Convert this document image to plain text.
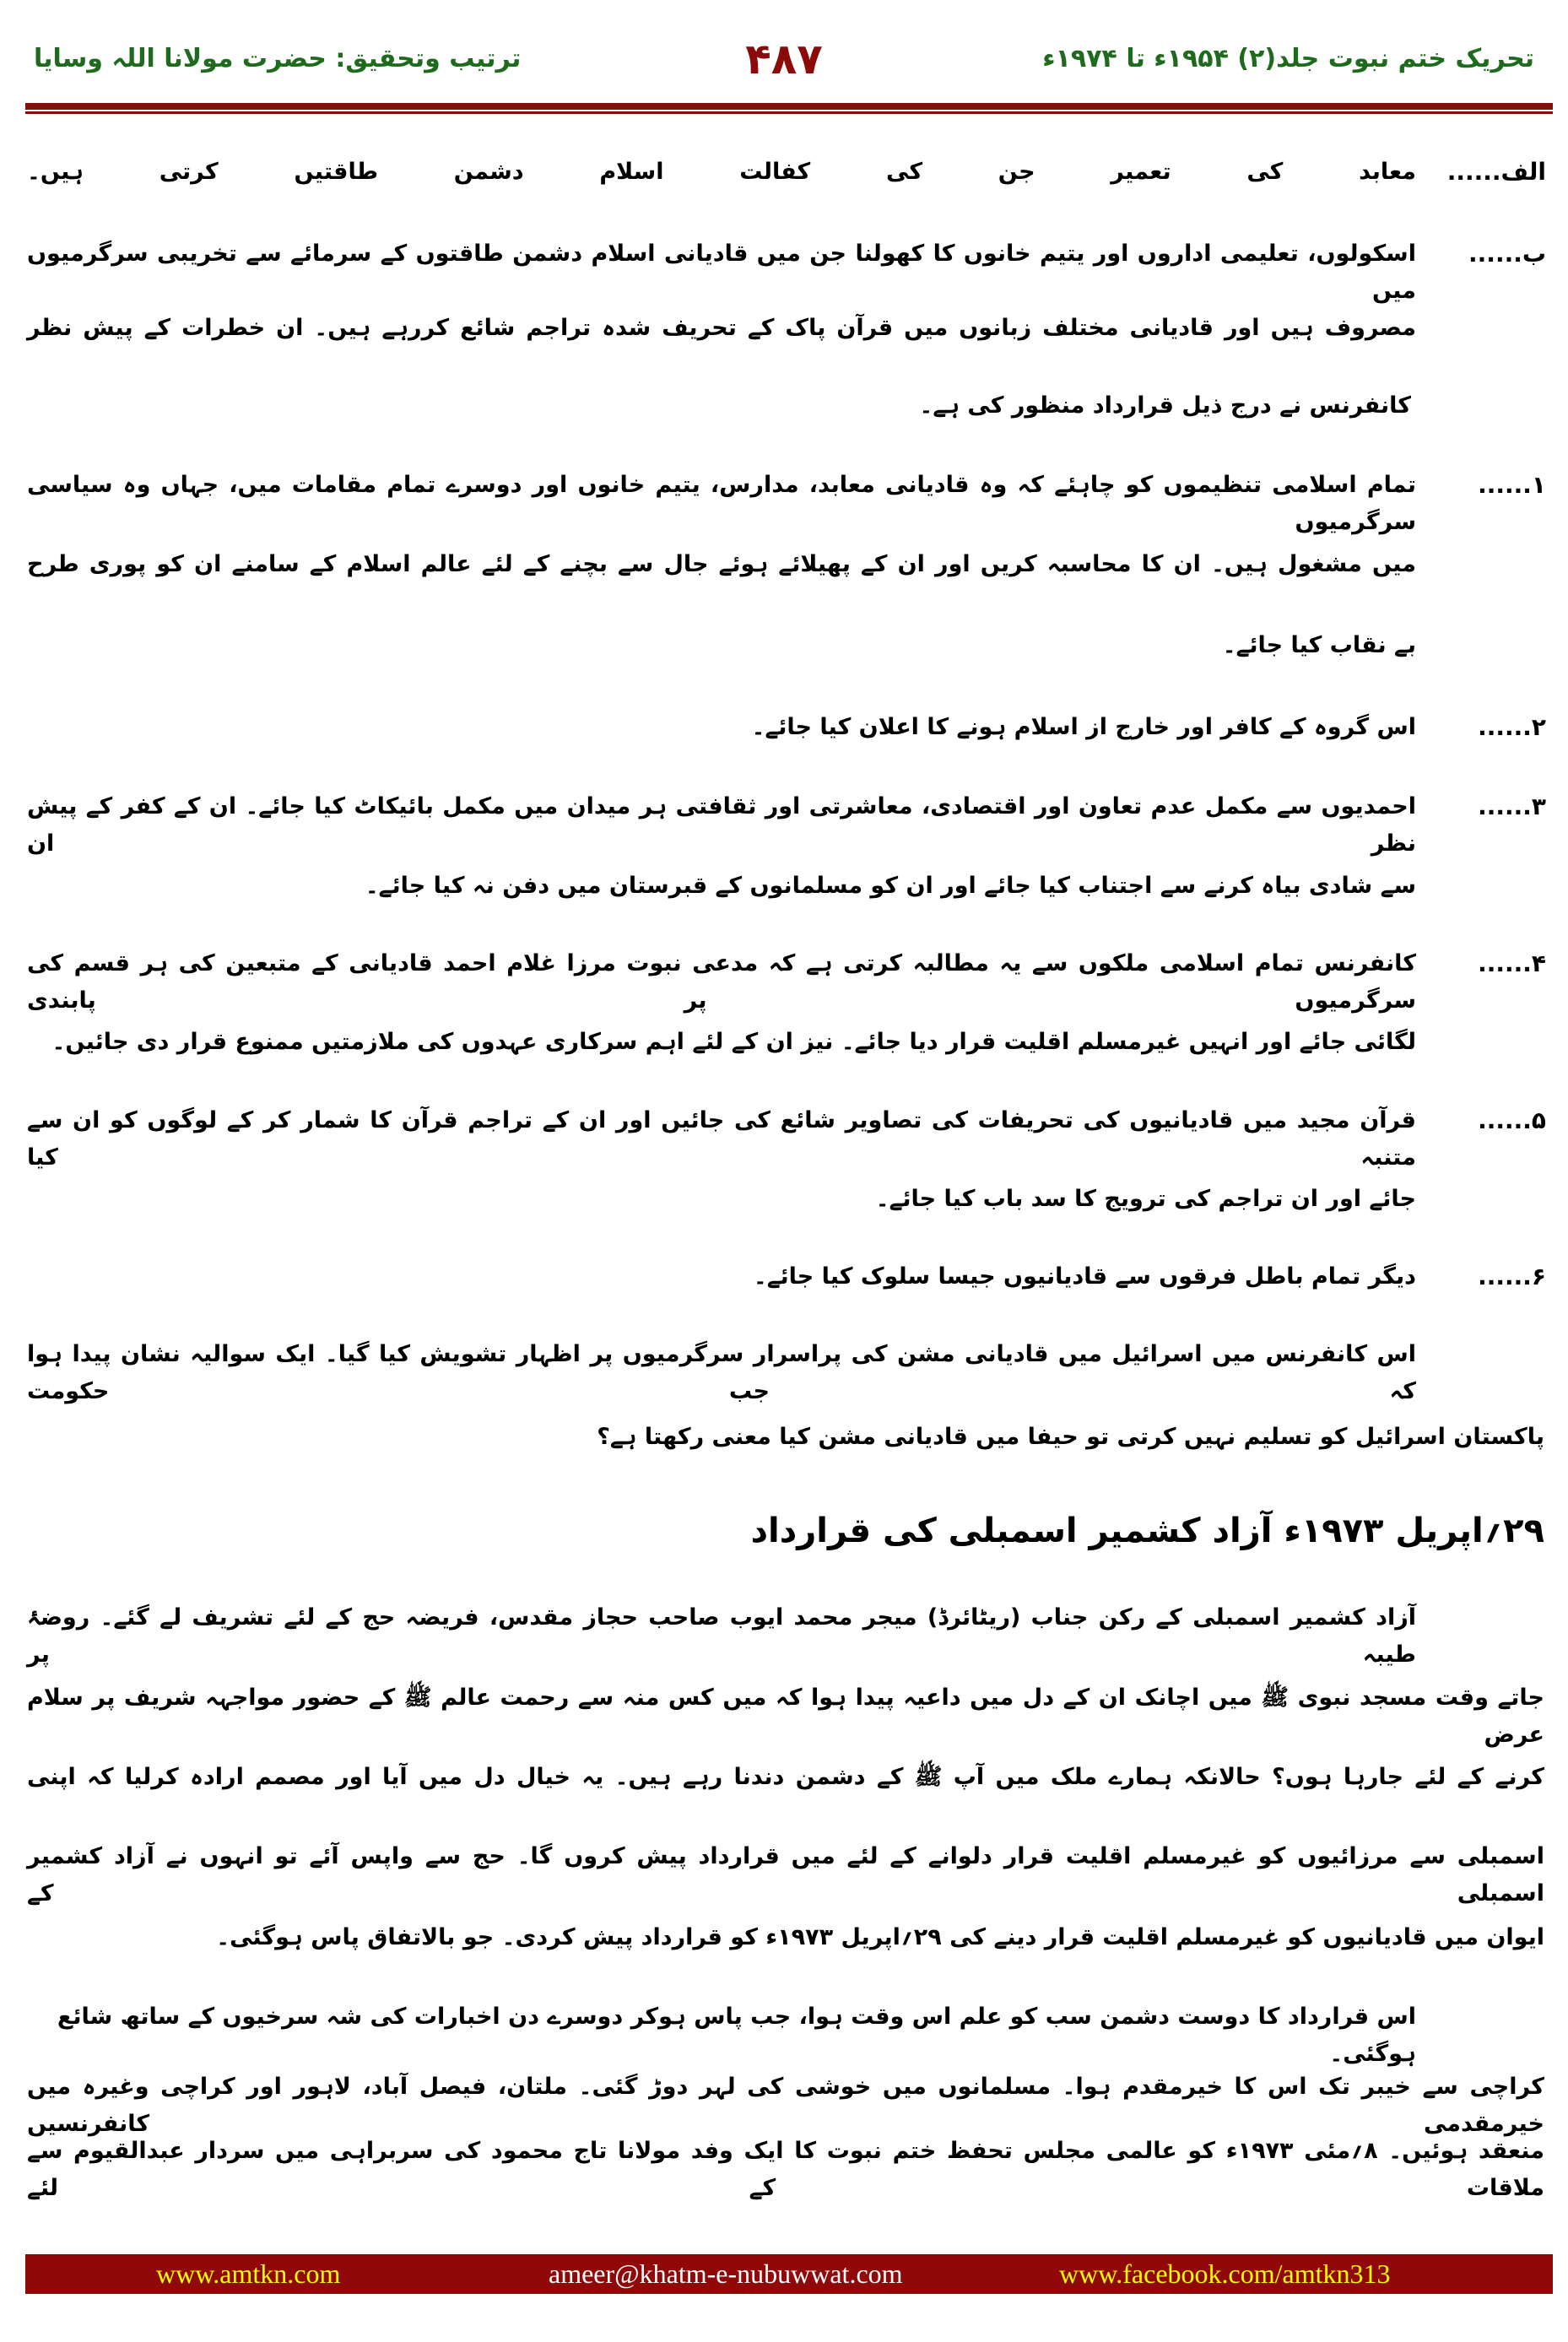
تحریک ختم نبوت جلد(۲) ۱۹۵۴ء تا ۱۹۷۴ء
۴۸۷
ترتیب وتحقیق: حضرت مولانا اللہ وسایا
الف......
معابد کی تعمیر جن کی کفالت اسلام دشمن طاقتیں کرتی ہیں۔
ب......
اسکولوں، تعلیمی اداروں اور یتیم خانوں کا کھولنا جن میں قادیانی اسلام دشمن طاقتوں کے سرمائے سے تخریبی سرگرمیوں میں
مصروف ہیں اور قادیانی مختلف زبانوں میں قرآن پاک کے تحریف شدہ تراجم شائع کررہے ہیں۔ ان خطرات کے پیش نظر
کانفرنس نے درج ذیل قرارداد منظور کی ہے۔
۱......
تمام اسلامی تنظیموں کو چاہئے کہ وہ قادیانی معابد، مدارس، یتیم خانوں اور دوسرے تمام مقامات میں، جہاں وہ سیاسی سرگرمیوں
میں مشغول ہیں۔ ان کا محاسبہ کریں اور ان کے پھیلائے ہوئے جال سے بچنے کے لئے عالم اسلام کے سامنے ان کو پوری طرح
بے نقاب کیا جائے۔
۲......
اس گروہ کے کافر اور خارج از اسلام ہونے کا اعلان کیا جائے۔
۳......
احمدیوں سے مکمل عدم تعاون اور اقتصادی، معاشرتی اور ثقافتی ہر میدان میں مکمل بائیکاٹ کیا جائے۔ ان کے کفر کے پیش نظر ان
سے شادی بیاہ کرنے سے اجتناب کیا جائے اور ان کو مسلمانوں کے قبرستان میں دفن نہ کیا جائے۔
۴......
کانفرنس تمام اسلامی ملکوں سے یہ مطالبہ کرتی ہے کہ مدعی نبوت مرزا غلام احمد قادیانی کے متبعین کی ہر قسم کی سرگرمیوں پر پابندی
لگائی جائے اور انہیں غیرمسلم اقلیت قرار دیا جائے۔ نیز ان کے لئے اہم سرکاری عہدوں کی ملازمتیں ممنوع قرار دی جائیں۔
۵......
قرآن مجید میں قادیانیوں کی تحریفات کی تصاویر شائع کی جائیں اور ان کے تراجم قرآن کا شمار کر کے لوگوں کو ان سے متنبہ کیا
جائے اور ان تراجم کی ترویج کا سد باب کیا جائے۔
۶......
دیگر تمام باطل فرقوں سے قادیانیوں جیسا سلوک کیا جائے۔
اس کانفرنس میں اسرائیل میں قادیانی مشن کی پراسرار سرگرمیوں پر اظہار تشویش کیا گیا۔ ایک سوالیہ نشان پیدا ہوا کہ جب حکومت
پاکستان اسرائیل کو تسلیم نہیں کرتی تو حیفا میں قادیانی مشن کیا معنی رکھتا ہے؟
آزاد کشمیر اسمبلی کے رکن جناب (ریٹائرڈ) میجر محمد ایوب صاحب حجاز مقدس، فریضہ حج کے لئے تشریف لے گئے۔ روضۂ طیبہ پر
جاتے وقت مسجد نبوی ﷺ میں اچانک ان کے دل میں داعیہ پیدا ہوا کہ میں کس منہ سے رحمت عالم ﷺ کے حضور مواجہہ شریف پر سلام عرض
کرنے کے لئے جارہا ہوں؟ حالانکہ ہمارے ملک میں آپ ﷺ کے دشمن دندنا رہے ہیں۔ یہ خیال دل میں آیا اور مصمم ارادہ کرلیا کہ اپنی
اسمبلی سے مرزائیوں کو غیرمسلم اقلیت قرار دلوانے کے لئے میں قرارداد پیش کروں گا۔ حج سے واپس آئے تو انہوں نے آزاد کشمیر اسمبلی کے
ایوان میں قادیانیوں کو غیرمسلم اقلیت قرار دینے کی ۲۹؍اپریل ۱۹۷۳ء کو قرارداد پیش کردی۔ جو بالاتفاق پاس ہوگئی۔
اس قرارداد کا دوست دشمن سب کو علم اس وقت ہوا، جب پاس ہوکر دوسرے دن اخبارات کی شہ سرخیوں کے ساتھ شائع ہوگئی۔
کراچی سے خیبر تک اس کا خیرمقدم ہوا۔ مسلمانوں میں خوشی کی لہر دوڑ گئی۔ ملتان، فیصل آباد، لاہور اور کراچی وغیرہ میں خیرمقدمی کانفرنسیں
منعقد ہوئیں۔ ۸؍مئی ۱۹۷۳ء کو عالمی مجلس تحفظ ختم نبوت کا ایک وفد مولانا تاج محمود کی سربراہی میں سردار عبدالقیوم سے ملاقات کے لئے
۲۹؍اپریل ۱۹۷۳ء آزاد کشمیر اسمبلی کی قرارداد
www.amtkn.com	ameer@khatm-e-nubuwwat.com	www.facebook.com/amtkn313
